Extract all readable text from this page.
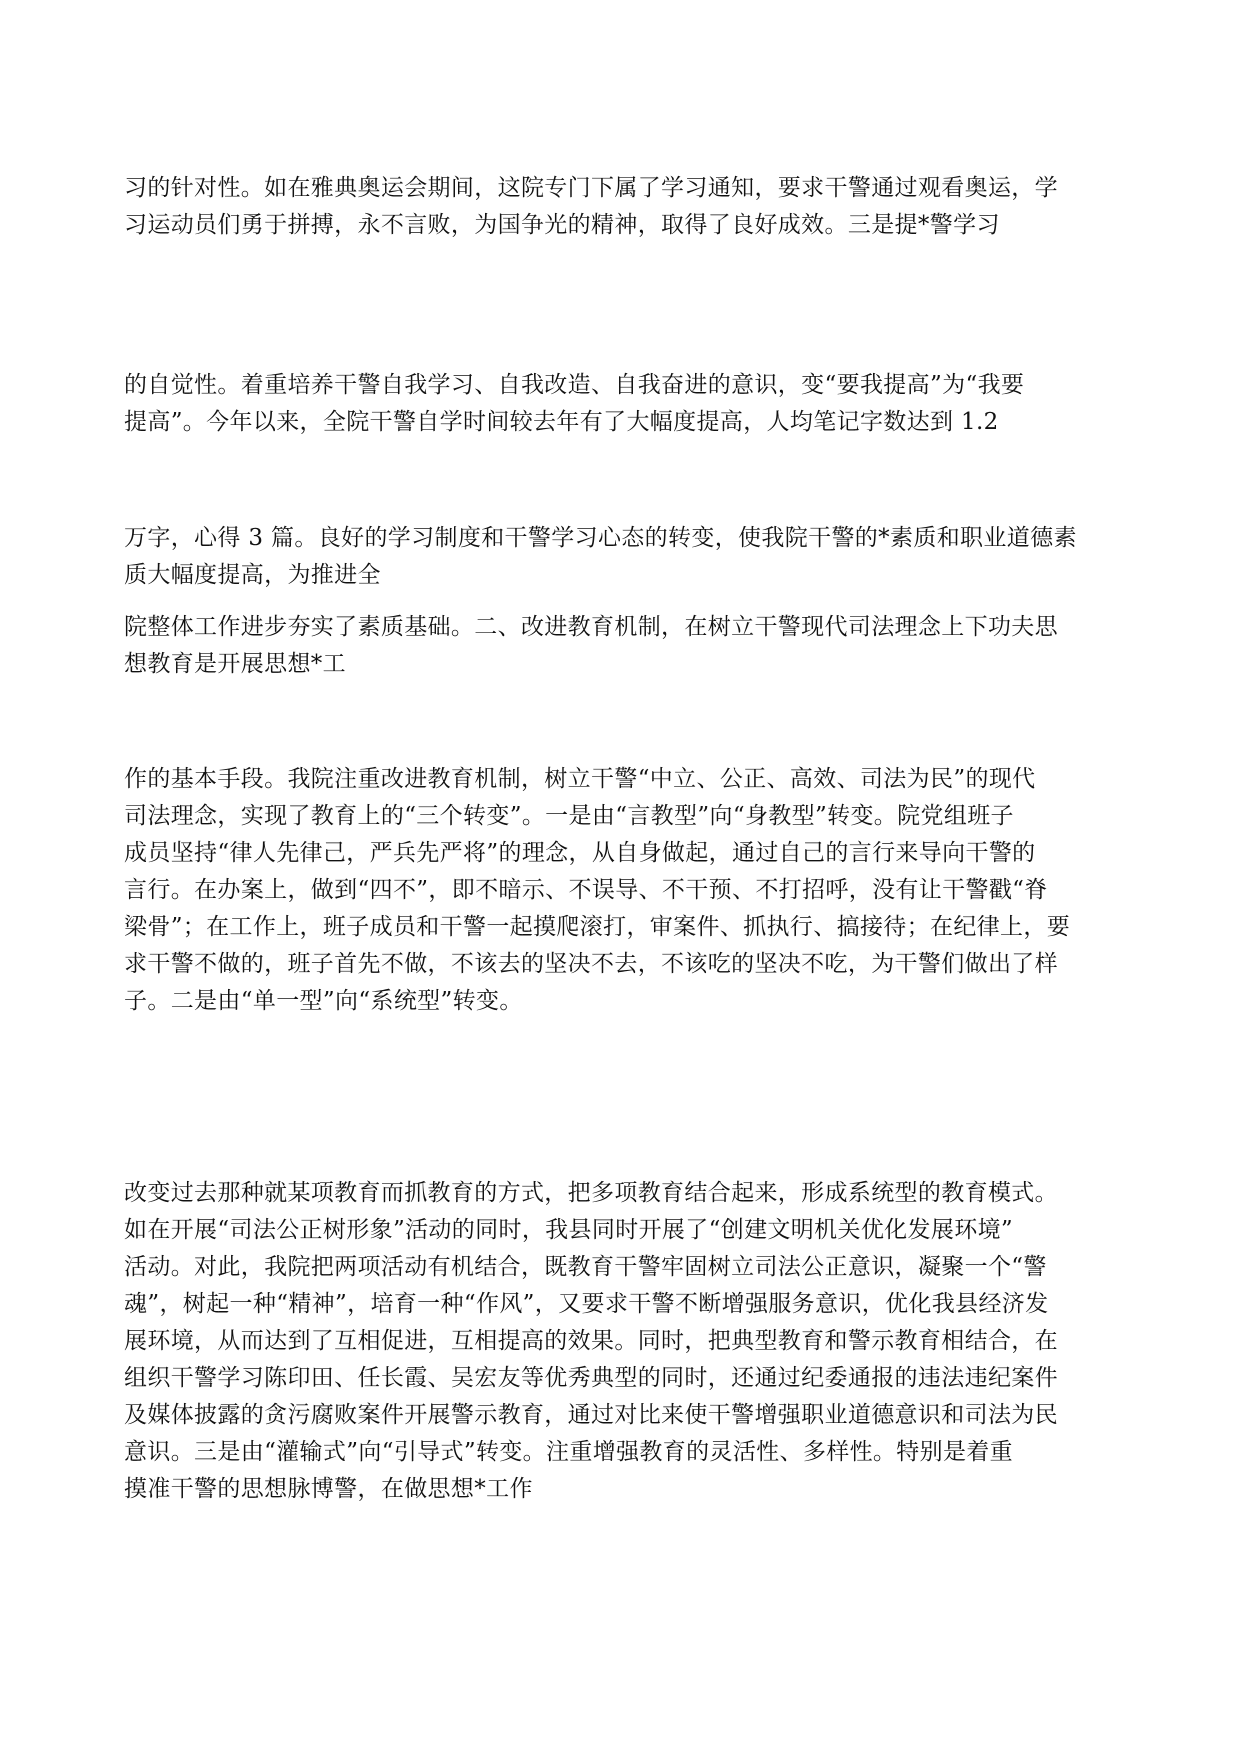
习的针对性。如在雅典奥运会期间，这院专门下属了学习通知，要求干警通过观看奥运，学
习运动员们勇于拼搏，永不言败，为国争光的精神，取得了良好成效。三是提*警学习
的自觉性。着重培养干警自我学习、自我改造、自我奋进的意识，变“要我提高”为“我要
提高”。今年以来，全院干警自学时间较去年有了大幅度提高，人均笔记字数达到 1.2
万字，心得 3 篇。良好的学习制度和干警学习心态的转变，使我院干警的*素质和职业道德素
质大幅度提高，为推进全
院整体工作进步夯实了素质基础。二、改进教育机制，在树立干警现代司法理念上下功夫思
想教育是开展思想*工
作的基本手段。我院注重改进教育机制，树立干警“中立、公正、高效、司法为民”的现代
司法理念，实现了教育上的“三个转变”。一是由“言教型”向“身教型”转变。院党组班子
成员坚持“律人先律己，严兵先严将”的理念，从自身做起，通过自己的言行来导向干警的
言行。在办案上，做到“四不”，即不暗示、不误导、不干预、不打招呼，没有让干警戳“脊
梁骨”；在工作上，班子成员和干警一起摸爬滚打，审案件、抓执行、搞接待；在纪律上，要
求干警不做的，班子首先不做，不该去的坚决不去，不该吃的坚决不吃，为干警们做出了样
子。二是由“单一型”向“系统型”转变。
改变过去那种就某项教育而抓教育的方式，把多项教育结合起来，形成系统型的教育模式。
如在开展“司法公正树形象”活动的同时，我县同时开展了“创建文明机关优化发展环境”
活动。对此，我院把两项活动有机结合，既教育干警牢固树立司法公正意识，凝聚一个“警
魂”，树起一种“精神”，培育一种“作风”，又要求干警不断增强服务意识，优化我县经济发
展环境，从而达到了互相促进，互相提高的效果。同时，把典型教育和警示教育相结合，在
组织干警学习陈印田、任长霞、吴宏友等优秀典型的同时，还通过纪委通报的违法违纪案件
及媒体披露的贪污腐败案件开展警示教育，通过对比来使干警增强职业道德意识和司法为民
意识。三是由“灌输式”向“引导式”转变。注重增强教育的灵活性、多样性。特别是着重
摸准干警的思想脉博警，在做思想*工作
